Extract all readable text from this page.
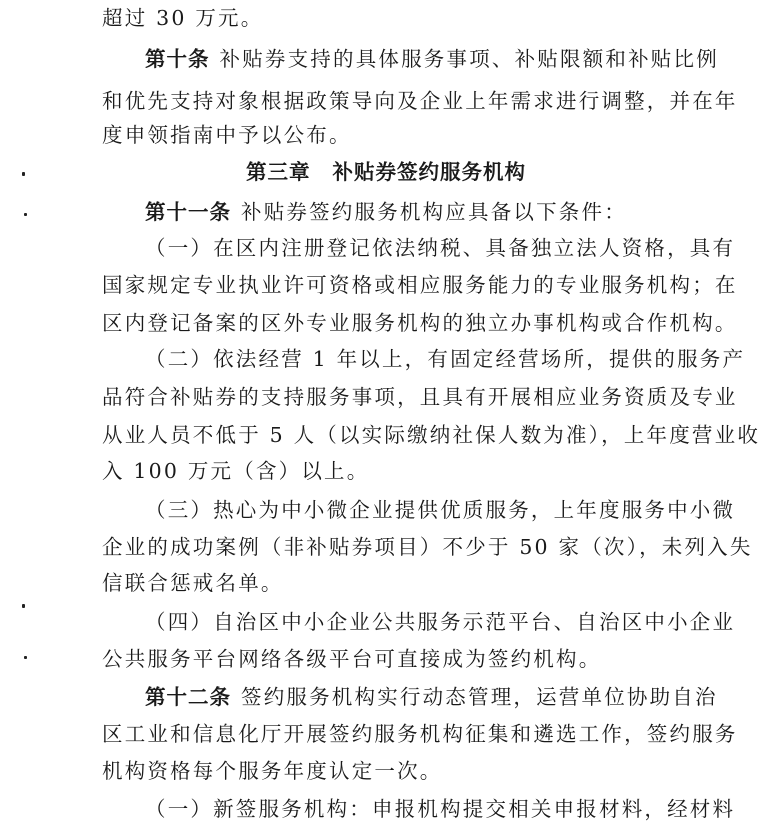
超过 30 万元。
第十条 补贴券支持的具体服务事项、补贴限额和补贴比例
和优先支持对象根据政策导向及企业上年需求进行调整，并在年
度申领指南中予以公布。
第三章 补贴券签约服务机构
第十一条 补贴券签约服务机构应具备以下条件：
（一）在区内注册登记依法纳税、具备独立法人资格，具有
国家规定专业执业许可资格或相应服务能力的专业服务机构；在
区内登记备案的区外专业服务机构的独立办事机构或合作机构。
（二）依法经营 1 年以上，有固定经营场所，提供的服务产
品符合补贴券的支持服务事项，且具有开展相应业务资质及专业
从业人员不低于 5 人（以实际缴纳社保人数为准），上年度营业收
入 100 万元（含）以上。
（三）热心为中小微企业提供优质服务，上年度服务中小微
企业的成功案例（非补贴券项目）不少于 50 家（次），未列入失
信联合惩戒名单。
（四）自治区中小企业公共服务示范平台、自治区中小企业
公共服务平台网络各级平台可直接成为签约机构。
第十二条 签约服务机构实行动态管理，运营单位协助自治
区工业和信息化厅开展签约服务机构征集和遴选工作，签约服务
机构资格每个服务年度认定一次。
（一）新签服务机构：申报机构提交相关申报材料，经材料
